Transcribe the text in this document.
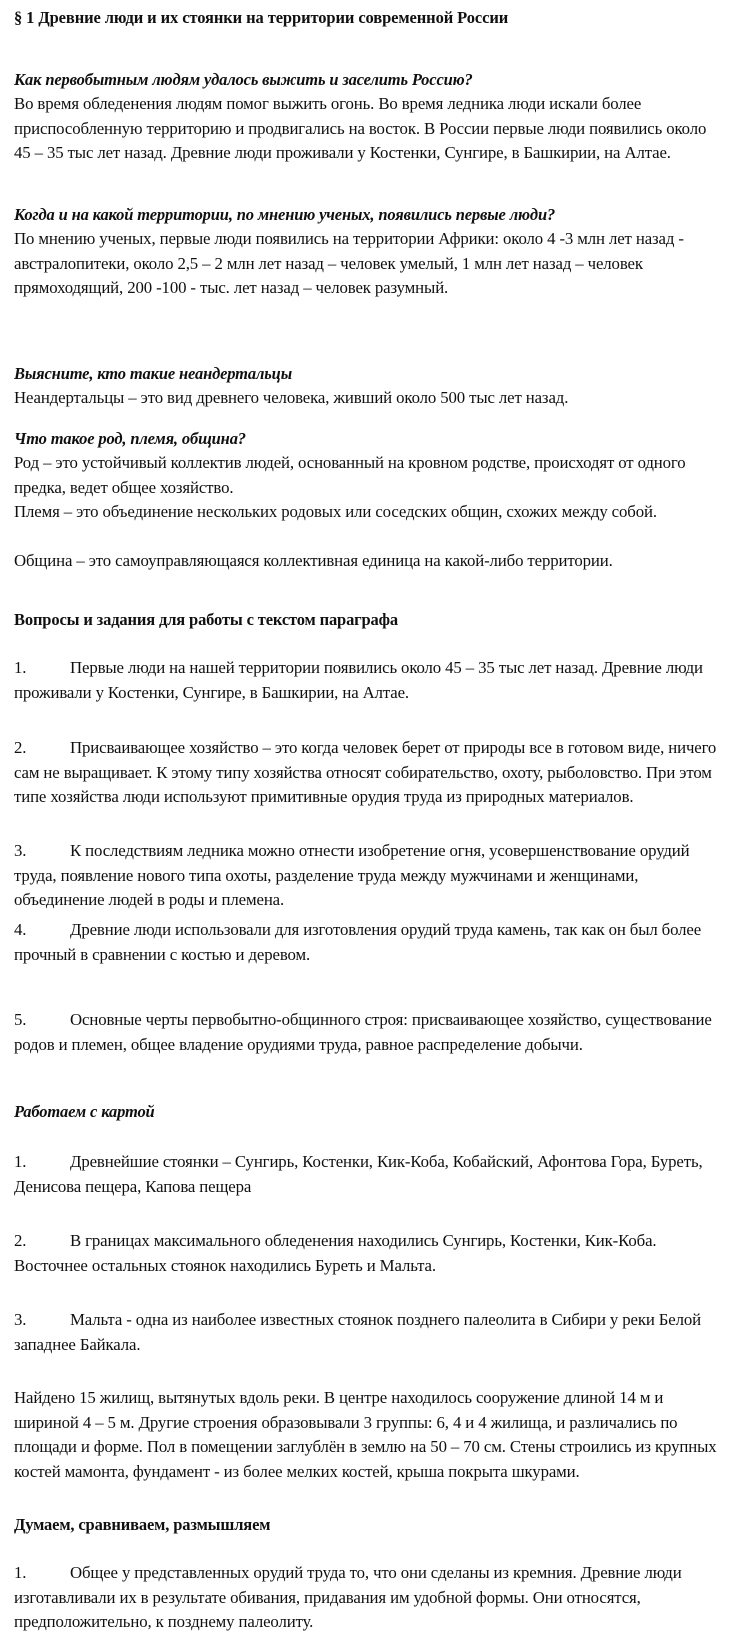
§ 1 Древние люди и их стоянки на территории современной России
Как первобытным людям удалось выжить и заселить Россию?
Во время обледенения людям помог выжить огонь. Во время ледника люди искали более приспособленную территорию и продвигались на восток. В России первые люди появились около 45 – 35 тыс лет назад. Древние люди проживали у Костенки, Сунгире, в Башкирии, на Алтае.
Когда и на какой территории, по мнению ученых, появились первые люди?
По мнению ученых, первые люди появились на территории Африки: около 4 -3 млн лет назад - австралопитеки, около 2,5 – 2 млн лет назад – человек умелый, 1 млн лет назад – человек прямоходящий, 200 -100 - тыс. лет назад – человек разумный.
Выясните, кто такие неандертальцы
Неандертальцы – это вид древнего человека, живший около 500 тыс лет назад.
Что такое род, племя, община?
Род – это устойчивый коллектив людей, основанный на кровном родстве, происходят от одного предка, ведет общее хозяйство.
Племя – это объединение нескольких родовых или соседских общин, схожих между собой.
Община – это самоуправляющаяся коллективная единица на какой-либо территории.
Вопросы и задания для работы с текстом параграфа
1.	Первые люди на нашей территории появились около 45 – 35 тыс лет назад. Древние люди проживали у Костенки, Сунгире, в Башкирии, на Алтае.
2.	Присваивающее хозяйство – это когда человек берет от природы все в готовом виде, ничего сам не выращивает. К этому типу хозяйства относят собирательство, охоту, рыболовство. При этом типе хозяйства люди используют примитивные орудия труда из природных материалов.
3.	К последствиям ледника можно отнести изобретение огня, усовершенствование орудий труда, появление нового типа охоты, разделение труда между мужчинами и женщинами, объединение людей в роды и племена.
4.	Древние люди использовали для изготовления орудий труда камень, так как он был более прочный в сравнении с костью и деревом.
5.	Основные черты первобытно-общинного строя: присваивающее хозяйство, существование родов и племен, общее владение орудиями труда, равное распределение добычи.
Работаем с картой
1.	Древнейшие стоянки – Сунгирь, Костенки, Кик-Коба, Кобайский, Афонтова Гора, Буреть, Денисова пещера, Капова пещера
2.	В границах максимального обледенения находились Сунгирь, Костенки, Кик-Коба. Восточнее остальных стоянок находились Буреть и Мальта.
3.	Мальта - одна из наиболее известных стоянок позднего палеолита в Сибири у реки Белой западнее Байкала.
Найдено 15 жилищ, вытянутых вдоль реки. В центре находилось сооружение длиной 14 м и шириной 4 – 5 м. Другие строения образовывали 3 группы: 6, 4 и 4 жилища, и различались по площади и форме. Пол в помещении заглублён в землю на 50 – 70 см. Стены строились из крупных костей мамонта, фундамент - из более мелких костей, крыша покрыта шкурами.
Думаем, сравниваем, размышляем
1.	Общее у представленных орудий труда то, что они сделаны из кремния. Древние люди изготавливали их в результате обивания, придавания им удобной формы. Они относятся, предположительно, к позднему палеолиту.
